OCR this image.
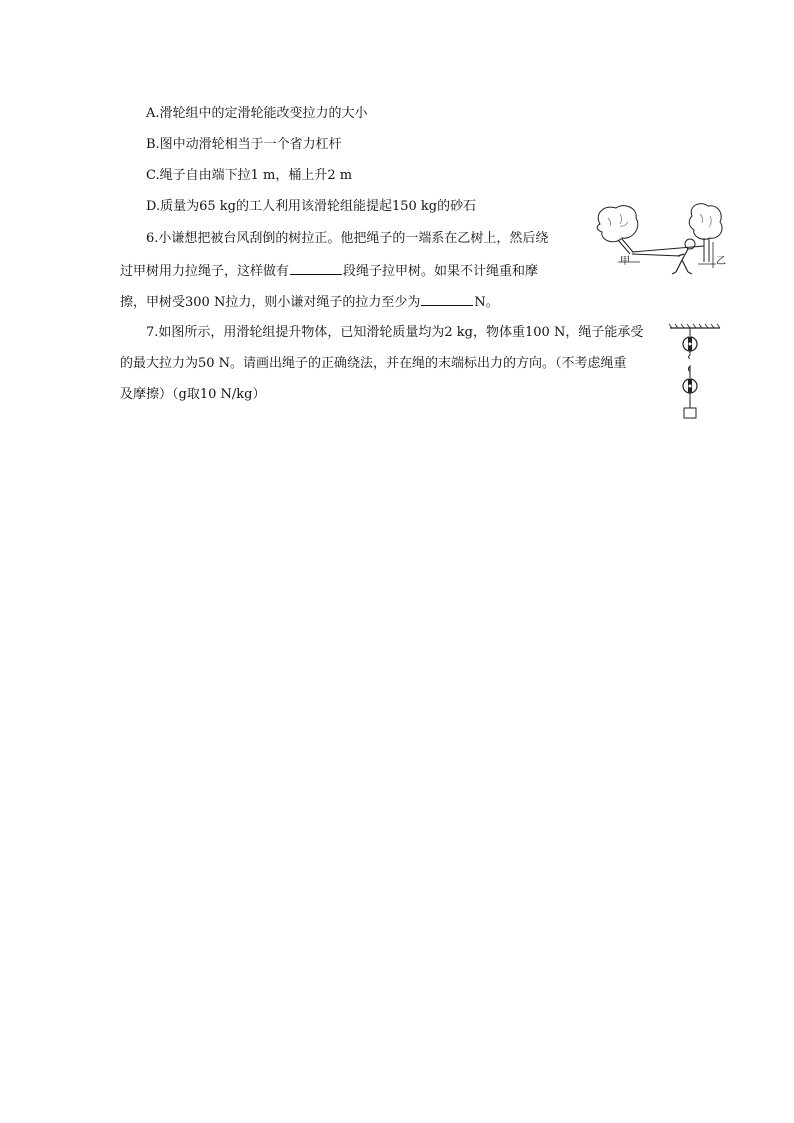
A.滑轮组中的定滑轮能改变拉力的大小
B.图中动滑轮相当于一个省力杠杆
C.绳子自由端下拉1 m，桶上升2 m
D.质量为65 kg的工人利用该滑轮组能提起150 kg的砂石
6.小谦想把被台风刮倒的树拉正。他把绳子的一端系在乙树上，然后绕
过甲树用力拉绳子，这样做有	段绳子拉甲树。如果不计绳重和摩
擦，甲树受300 N拉力，则小谦对绳子的拉力至少为	N。
7.如图所示，用滑轮组提升物体，已知滑轮质量均为2 kg，物体重100 N，绳子能承受
的最大拉力为50 N。请画出绳子的正确绕法，并在绳的末端标出力的方向。（不考虑绳重
及摩擦）（g取10 N/kg）
甲	乙
